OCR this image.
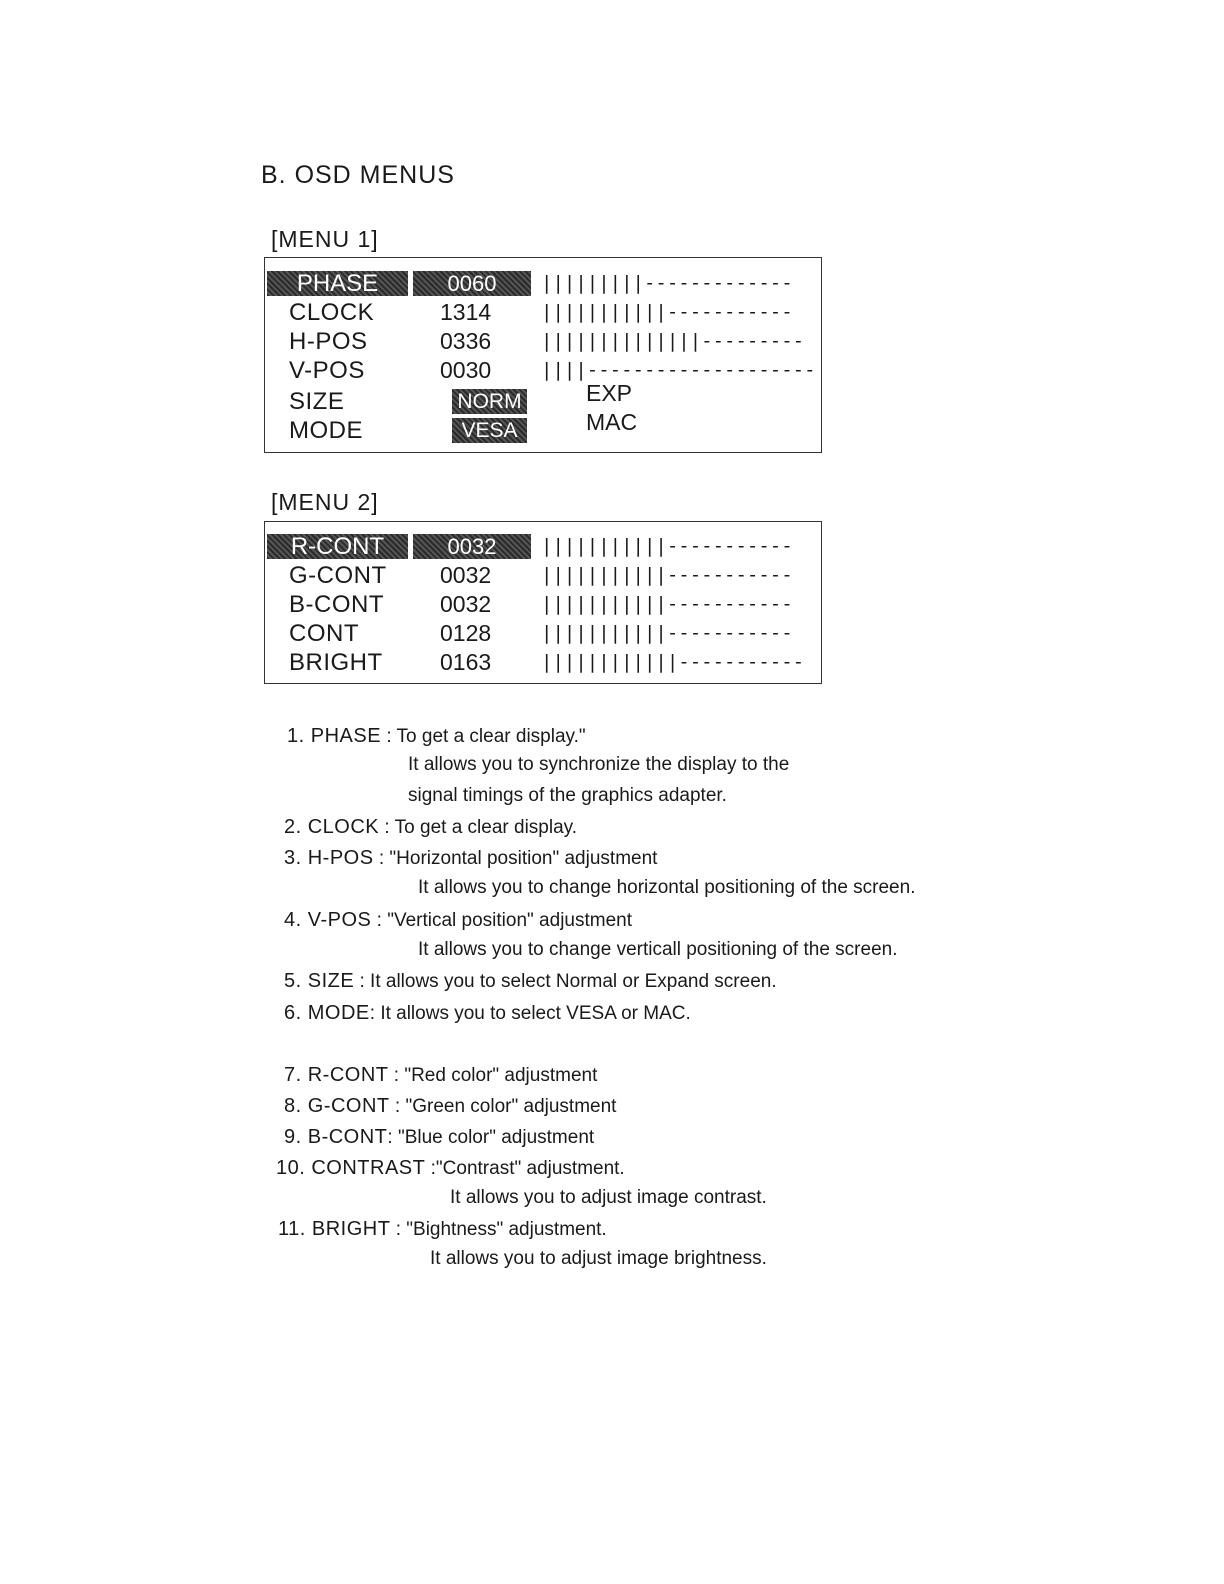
B. OSD MENUS
[MENU 1]
PHASE	0060	|||||||||-------------
CLOCK	1314	|||||||||||-----------
H-POS	0336	||||||||||||||---------
V-POS	0030	||||--------------------
SIZE	NORM	EXP
MODE	VESA	MAC
[MENU 2]
R-CONT	0032	|||||||||||-----------
G-CONT 0032	|||||||||||-----------
B-CONT 0032	|||||||||||-----------
CONT	0128	|||||||||||-----------
BRIGHT 0163	||||||||||||-----------
1. PHASE : To get a clear display."
It allows you to synchronize the display to the
signal timings of the graphics adapter.
2. CLOCK : To get a clear display.
3. H-POS : "Horizontal position" adjustment
It allows you to change horizontal positioning of the screen.
4. V-POS : "Vertical position" adjustment
It allows you to change verticall positioning of the screen.
5. SIZE : It allows you to select Normal or Expand screen.
6. MODE: It allows you to select VESA or MAC.
7. R-CONT : "Red color" adjustment
8. G-CONT : "Green color" adjustment
9. B-CONT: "Blue color" adjustment
10. CONTRAST :"Contrast" adjustment.
It allows you to adjust image contrast.
11. BRIGHT : "Bightness" adjustment.
It allows you to adjust image brightness.
